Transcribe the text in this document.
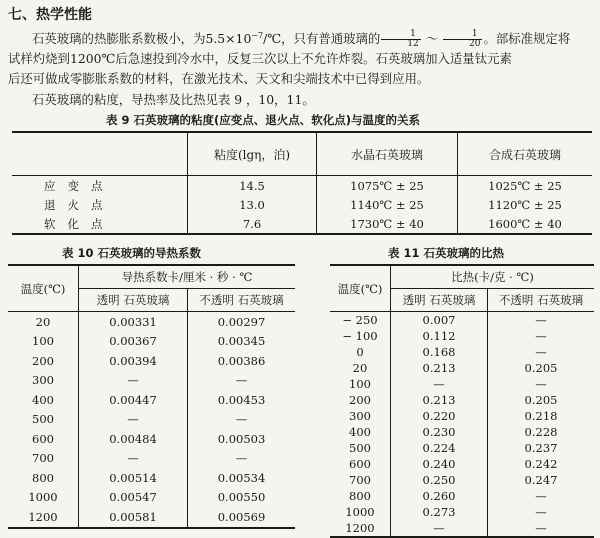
七、热学性能
石英玻璃的热膨胀系数极小，为$5.5\times 10^{-7}/℃$，只有普通玻璃的 $\frac{1}{12}$ ～ $\frac{1}{20}$ 。部标准规定将
试样灼烧到1200℃后急速投到冷水中，反复三次以上不允许炸裂。石英玻璃加入适量钛元素
后还可做成零膨胀系数的材料，在激光技术、天文和尖端技术中已得到应用。
石英玻璃的粘度，导热率及比热见表 9 ，10，11。
表 9 石英玻璃的粘度(应变点、退火点、软化点)与温度的关系
	粘度(lgη，泊)	水晶石英玻璃	合成石英玻璃
应变点	14.5	1075℃ ± 25	1025℃ ± 25
退火点	13.0	1140℃ ± 25	1120℃ ± 25
软化点	7.6	1730℃ ± 40	1600℃ ± 40
表 10 石英玻璃的导热系数	表 11 石英玻璃的比热
温度(℃)	导热系数卡/厘米 · 秒 · ℃	
	透明 石英玻璃	不透明 石英玻璃
20	0.00331	0.00297
100	0.00367	0.00345
200	0.00394	0.00386
300	—	—
400	0.00447	0.00453
500	—	—
600	0.00484	0.00503
700	—	—
800	0.00514	0.00534
1000	0.00547	0.00550
1200	0.00581	0.00569
温度(℃)	比热(卡/克 · ℃)	
	透明 石英玻璃	不透明 石英玻璃
− 250	0.007	—
− 100	0.112	—
0	0.168	—
20	0.213	0.205
100	—	—
200	0.213	0.205
300	0.220	0.218
400	0.230	0.228
500	0.224	0.237
600	0.240	0.242
700	0.250	0.247
800	0.260	—
1000	0.273	—
1200	—	—
